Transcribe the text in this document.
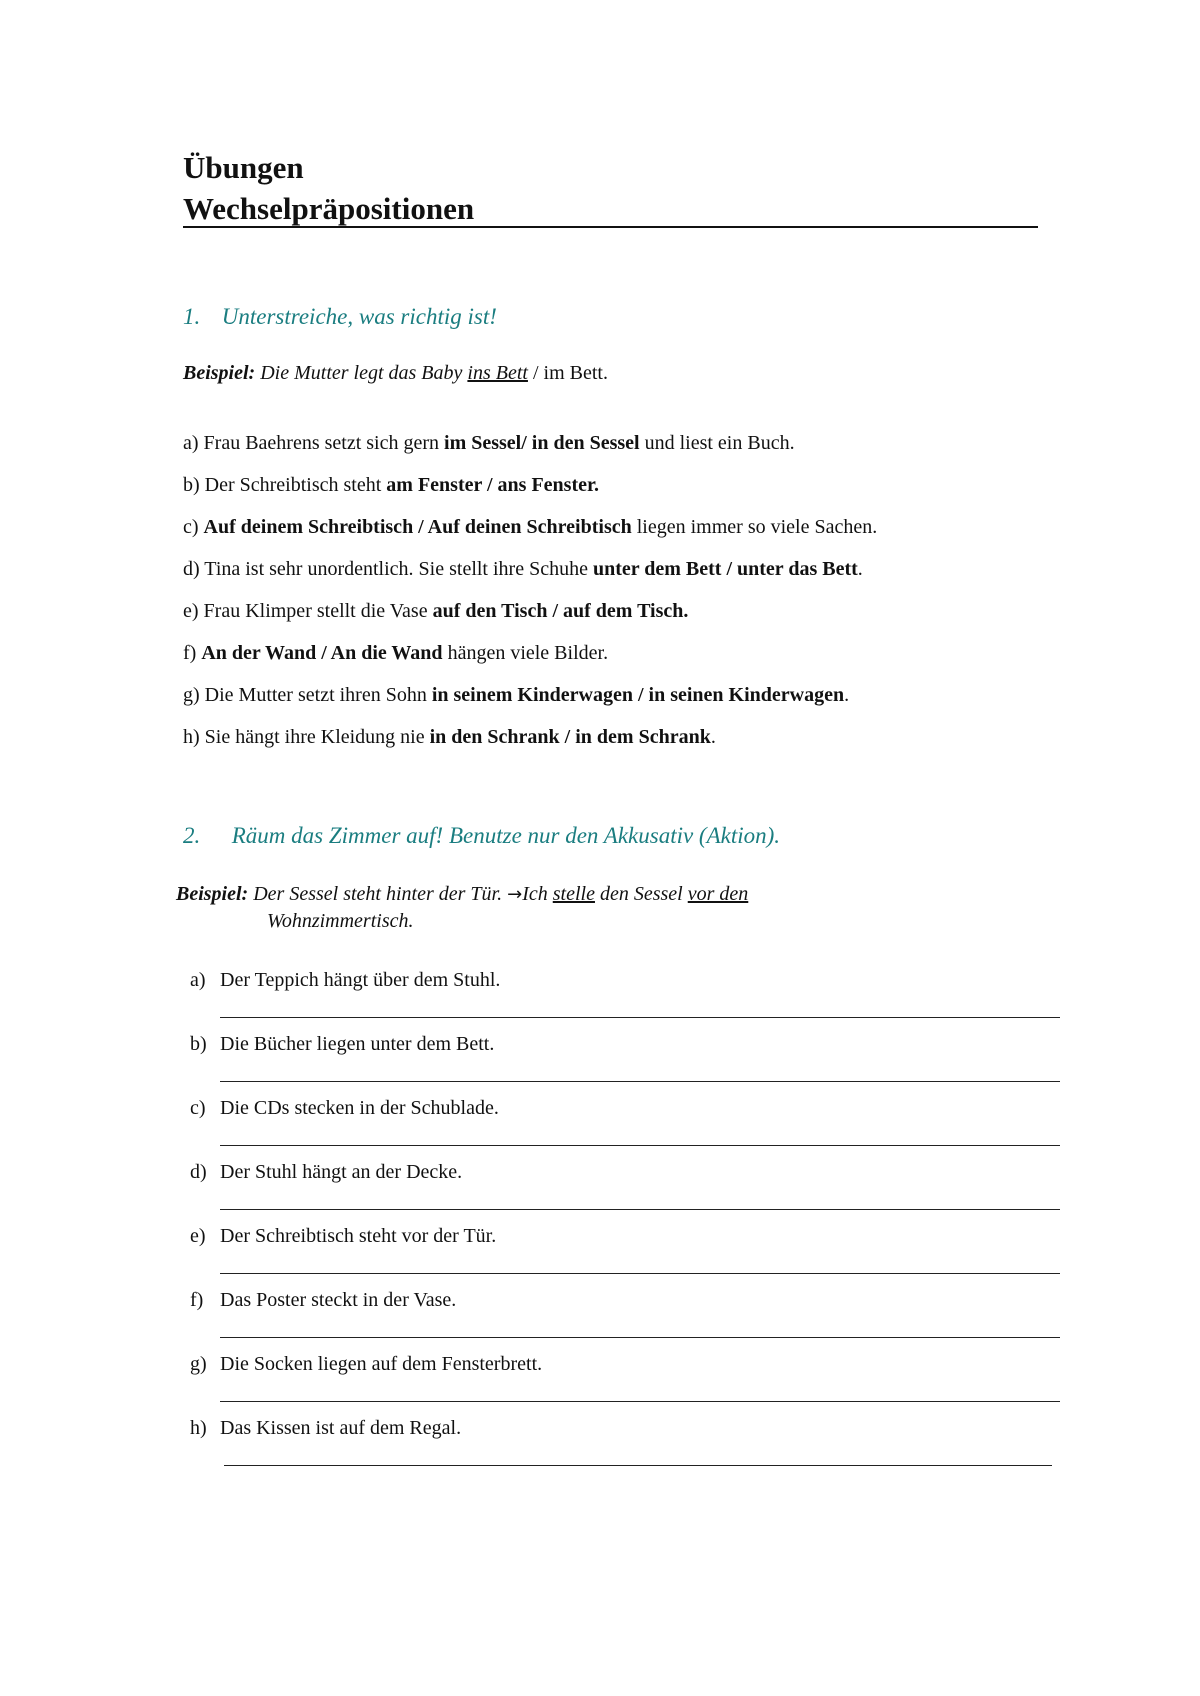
Übungen
Wechselpräpositionen
1. Unterstreiche, was richtig ist!
Beispiel: Die Mutter legt das Baby ins Bett / im Bett.
a) Frau Baehrens setzt sich gern im Sessel/ in den Sessel und liest ein Buch.
b) Der Schreibtisch steht am Fenster / ans Fenster.
c) Auf deinem Schreibtisch / Auf deinen Schreibtisch liegen immer so viele Sachen.
d) Tina ist sehr unordentlich. Sie stellt ihre Schuhe unter dem Bett / unter das Bett.
e) Frau Klimper stellt die Vase auf den Tisch / auf dem Tisch.
f) An der Wand / An die Wand hängen viele Bilder.
g) Die Mutter setzt ihren Sohn in seinem Kinderwagen / in seinen Kinderwagen.
h) Sie hängt ihre Kleidung nie in den Schrank / in dem Schrank.
2. Räum das Zimmer auf! Benutze nur den Akkusativ (Aktion).
Beispiel: Der Sessel steht hinter der Tür. →Ich stelle den Sessel vor den
Wohnzimmertisch.
a) Der Teppich hängt über dem Stuhl.
b) Die Bücher liegen unter dem Bett.
c) Die CDs stecken in der Schublade.
d) Der Stuhl hängt an der Decke.
e) Der Schreibtisch steht vor der Tür.
f) Das Poster steckt in der Vase.
g) Die Socken liegen auf dem Fensterbrett.
h) Das Kissen ist auf dem Regal.
